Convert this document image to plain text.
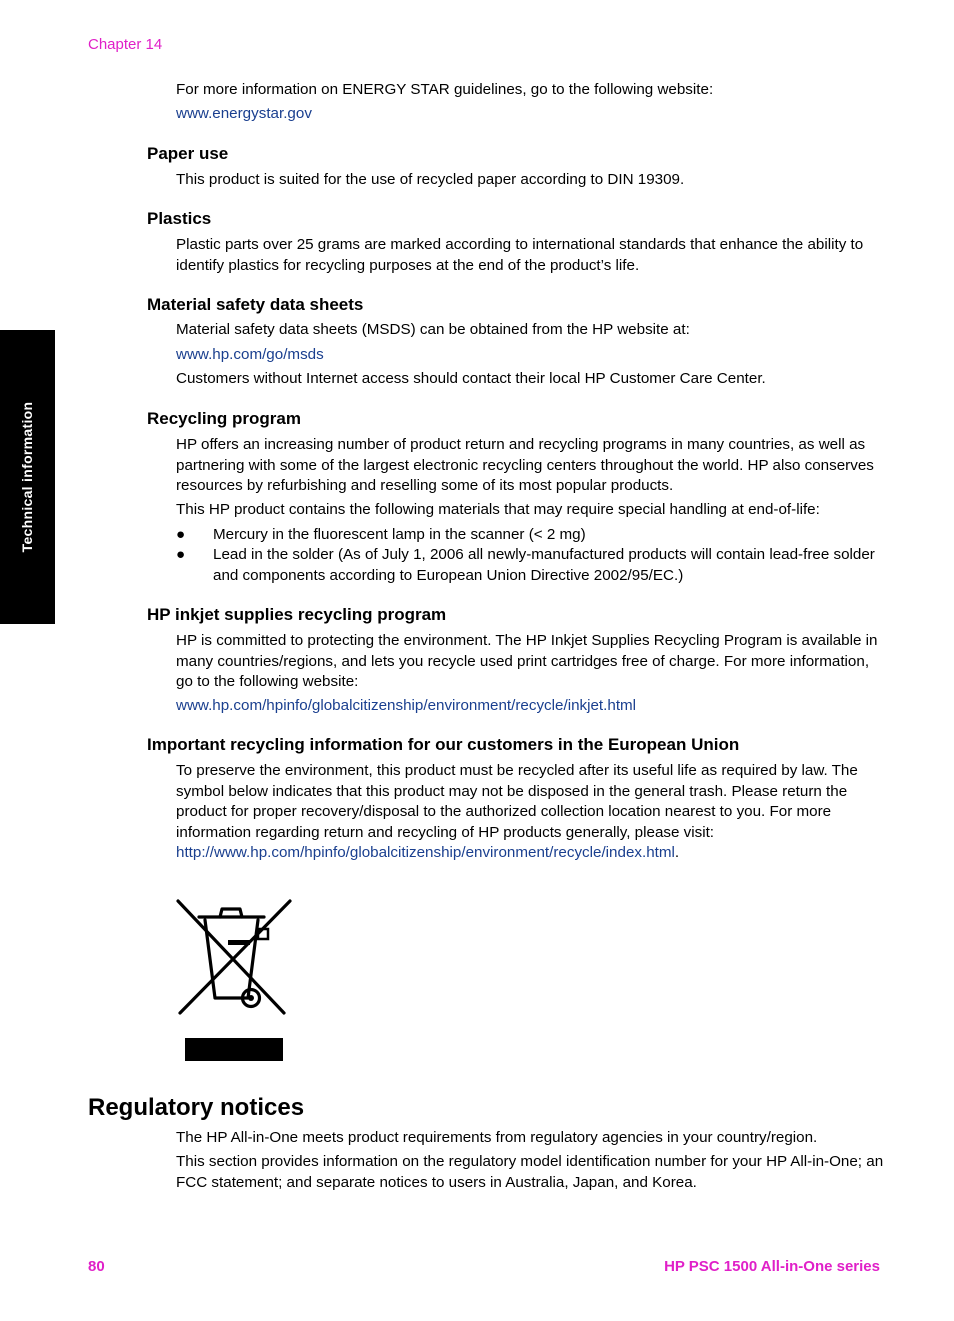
Chapter 14
Technical information
For more information on ENERGY STAR guidelines, go to the following website:
www.energystar.gov
Paper use
This product is suited for the use of recycled paper according to DIN 19309.
Plastics
Plastic parts over 25 grams are marked according to international standards that enhance the ability to identify plastics for recycling purposes at the end of the product’s life.
Material safety data sheets
Material safety data sheets (MSDS) can be obtained from the HP website at:
www.hp.com/go/msds
Customers without Internet access should contact their local HP Customer Care Center.
Recycling program
HP offers an increasing number of product return and recycling programs in many countries, as well as partnering with some of the largest electronic recycling centers throughout the world. HP also conserves resources by refurbishing and reselling some of its most popular products.
This HP product contains the following materials that may require special handling at end-of-life:
● Mercury in the fluorescent lamp in the scanner (< 2 mg)
● Lead in the solder (As of July 1, 2006 all newly-manufactured products will contain lead-free solder and components according to European Union Directive 2002/95/EC.)
HP inkjet supplies recycling program
HP is committed to protecting the environment. The HP Inkjet Supplies Recycling Program is available in many countries/regions, and lets you recycle used print cartridges free of charge. For more information, go to the following website:
www.hp.com/hpinfo/globalcitizenship/environment/recycle/inkjet.html
Important recycling information for our customers in the European Union
To preserve the environment, this product must be recycled after its useful life as required by law. The symbol below indicates that this product may not be disposed in the general trash. Please return the product for proper recovery/disposal to the authorized collection location nearest to you. For more information regarding return and recycling of HP products generally, please visit: http://www.hp.com/hpinfo/globalcitizenship/environment/recycle/index.html.
Regulatory notices
The HP All-in-One meets product requirements from regulatory agencies in your country/region.
This section provides information on the regulatory model identification number for your HP All-in-One; an FCC statement; and separate notices to users in Australia, Japan, and Korea.
80	HP PSC 1500 All-in-One series
